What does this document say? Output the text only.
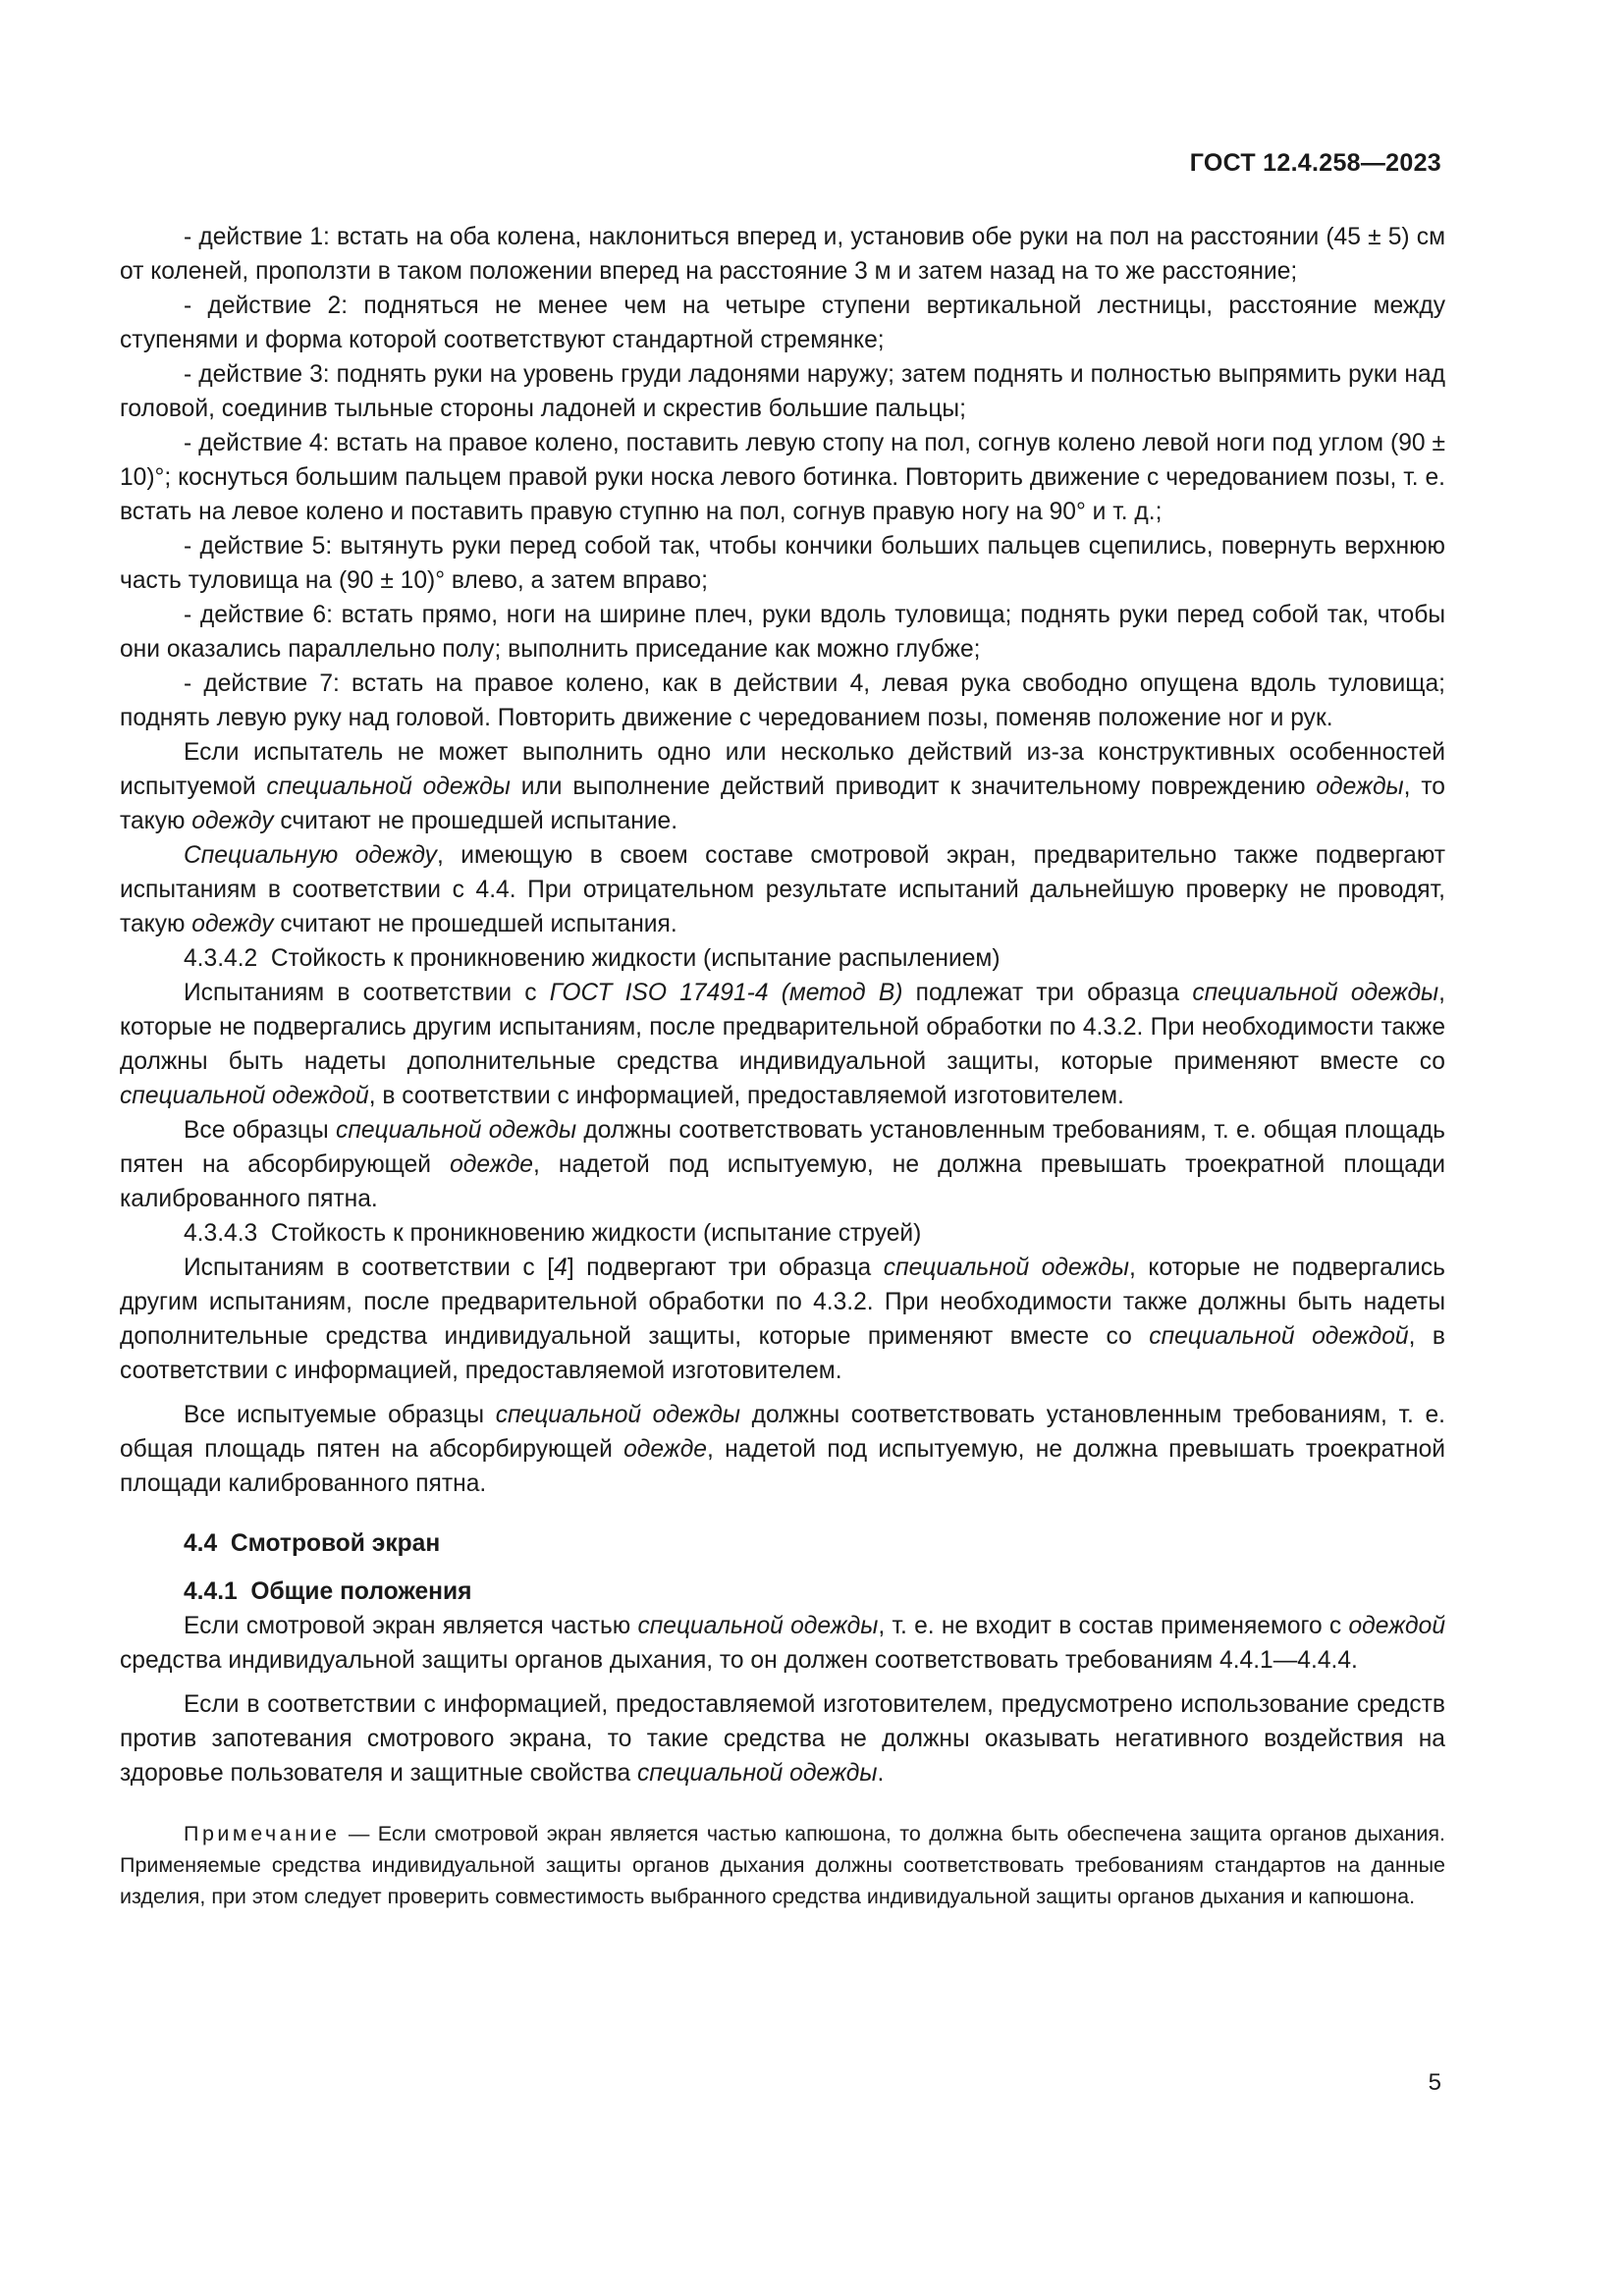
ГОСТ 12.4.258—2023

- действие 1: встать на оба колена, наклониться вперед и, установив обе руки на пол на расстоянии (45 ± 5) см от коленей, проползти в таком положении вперед на расстояние 3 м и затем назад на то же расстояние;

- действие 2: подняться не менее чем на четыре ступени вертикальной лестницы, расстояние между ступенями и форма которой соответствуют стандартной стремянке;

- действие 3: поднять руки на уровень груди ладонями наружу; затем поднять и полностью выпрямить руки над головой, соединив тыльные стороны ладоней и скрестив большие пальцы;

- действие 4: встать на правое колено, поставить левую стопу на пол, согнув колено левой ноги под углом (90 ± 10)°; коснуться большим пальцем правой руки носка левого ботинка. Повторить движение с чередованием позы, т. е. встать на левое колено и поставить правую ступню на пол, согнув правую ногу на 90° и т. д.;

- действие 5: вытянуть руки перед собой так, чтобы кончики больших пальцев сцепились, повернуть верхнюю часть туловища на (90 ± 10)° влево, а затем вправо;

- действие 6: встать прямо, ноги на ширине плеч, руки вдоль туловища; поднять руки перед собой так, чтобы они оказались параллельно полу; выполнить приседание как можно глубже;

- действие 7: встать на правое колено, как в действии 4, левая рука свободно опущена вдоль туловища; поднять левую руку над головой. Повторить движение с чередованием позы, поменяв положение ног и рук.

Если испытатель не может выполнить одно или несколько действий из-за конструктивных особенностей испытуемой специальной одежды или выполнение действий приводит к значительному повреждению одежды, то такую одежду считают не прошедшей испытание.

Специальную одежду, имеющую в своем составе смотровой экран, предварительно также подвергают испытаниям в соответствии с 4.4. При отрицательном результате испытаний дальнейшую проверку не проводят, такую одежду считают не прошедшей испытания.

4.3.4.2  Стойкость к проникновению жидкости (испытание распылением)

Испытаниям в соответствии с ГОСТ ISO 17491-4 (метод В) подлежат три образца специальной одежды, которые не подвергались другим испытаниям, после предварительной обработки по 4.3.2. При необходимости также должны быть надеты дополнительные средства индивидуальной защиты, которые применяют вместе со специальной одеждой, в соответствии с информацией, предоставляемой изготовителем.

Все образцы специальной одежды должны соответствовать установленным требованиям, т. е. общая площадь пятен на абсорбирующей одежде, надетой под испытуемую, не должна превышать троекратной площади калиброванного пятна.

4.3.4.3  Стойкость к проникновению жидкости (испытание струей)

Испытаниям в соответствии с [4] подвергают три образца специальной одежды, которые не подвергались другим испытаниям, после предварительной обработки по 4.3.2. При необходимости также должны быть надеты дополнительные средства индивидуальной защиты, которые применяют вместе со специальной одеждой, в соответствии с информацией, предоставляемой изготовителем.

Все испытуемые образцы специальной одежды должны соответствовать установленным требованиям, т. е. общая площадь пятен на абсорбирующей одежде, надетой под испытуемую, не должна превышать троекратной площади калиброванного пятна.

4.4  Смотровой экран

4.4.1  Общие положения

Если смотровой экран является частью специальной одежды, т. е. не входит в состав применяемого с одеждой средства индивидуальной защиты органов дыхания, то он должен соответствовать требованиям 4.4.1—4.4.4.

Если в соответствии с информацией, предоставляемой изготовителем, предусмотрено использование средств против запотевания смотрового экрана, то такие средства не должны оказывать негативного воздействия на здоровье пользователя и защитные свойства специальной одежды.

Примечание — Если смотровой экран является частью капюшона, то должна быть обеспечена защита органов дыхания. Применяемые средства индивидуальной защиты органов дыхания должны соответствовать требованиям стандартов на данные изделия, при этом следует проверить совместимость выбранного средства индивидуальной защиты органов дыхания и капюшона.

5
